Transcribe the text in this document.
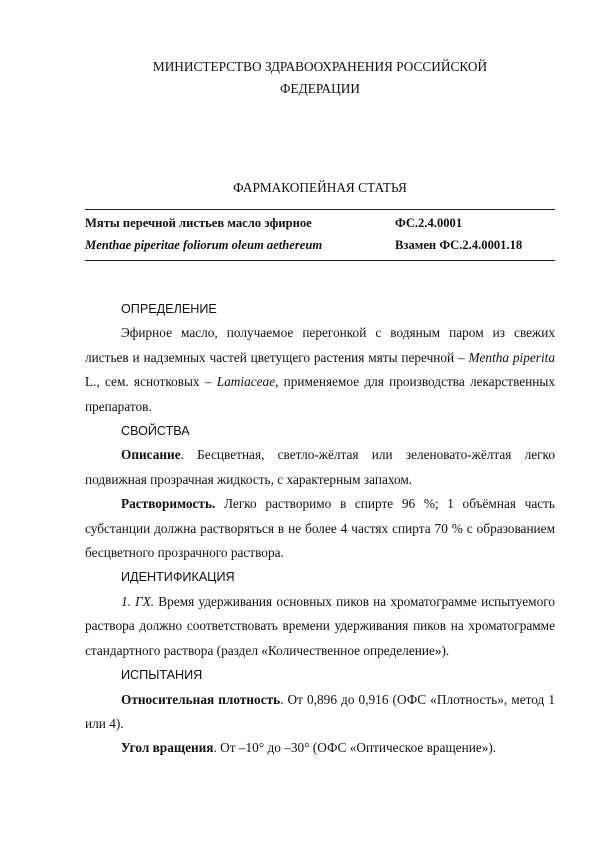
МИНИСТЕРСТВО ЗДРАВООХРАНЕНИЯ РОССИЙСКОЙ
ФЕДЕРАЦИИ
ФАРМАКОПЕЙНАЯ СТАТЬЯ
Мяты перечной листьев масло эфирное	ФС.2.4.0001
Menthae piperitae foliorum oleum aethereum	Взамен ФС.2.4.0001.18

ОПРЕДЕЛЕНИЕ

Эфирное масло, получаемое перегонкой с водяным паром из свежих листьев и надземных частей цветущего растения мяты перечной – Mentha piperita L., сем. яснотковых – Lamiaceae, применяемое для производства лекарственных препаратов.

СВОЙСТВА

Описание. Бесцветная, светло-жёлтая или зеленовато-жёлтая легко подвижная прозрачная жидкость, с характерным запахом.

Растворимость. Легко растворимо в спирте 96 %; 1 объёмная часть субстанции должна растворяться в не более 4 частях спирта 70 % с образованием бесцветного прозрачного раствора.

ИДЕНТИФИКАЦИЯ

1. ГХ. Время удерживания основных пиков на хроматограмме испытуемого раствора должно соответствовать времени удерживания пиков на хроматограмме стандартного раствора (раздел «Количественное определение»).

ИСПЫТАНИЯ

Относительная плотность. От 0,896 до 0,916 (ОФС «Плотность», метод 1 или 4).

Угол вращения. От –10° до –30° (ОФС «Оптическое вращение»).
